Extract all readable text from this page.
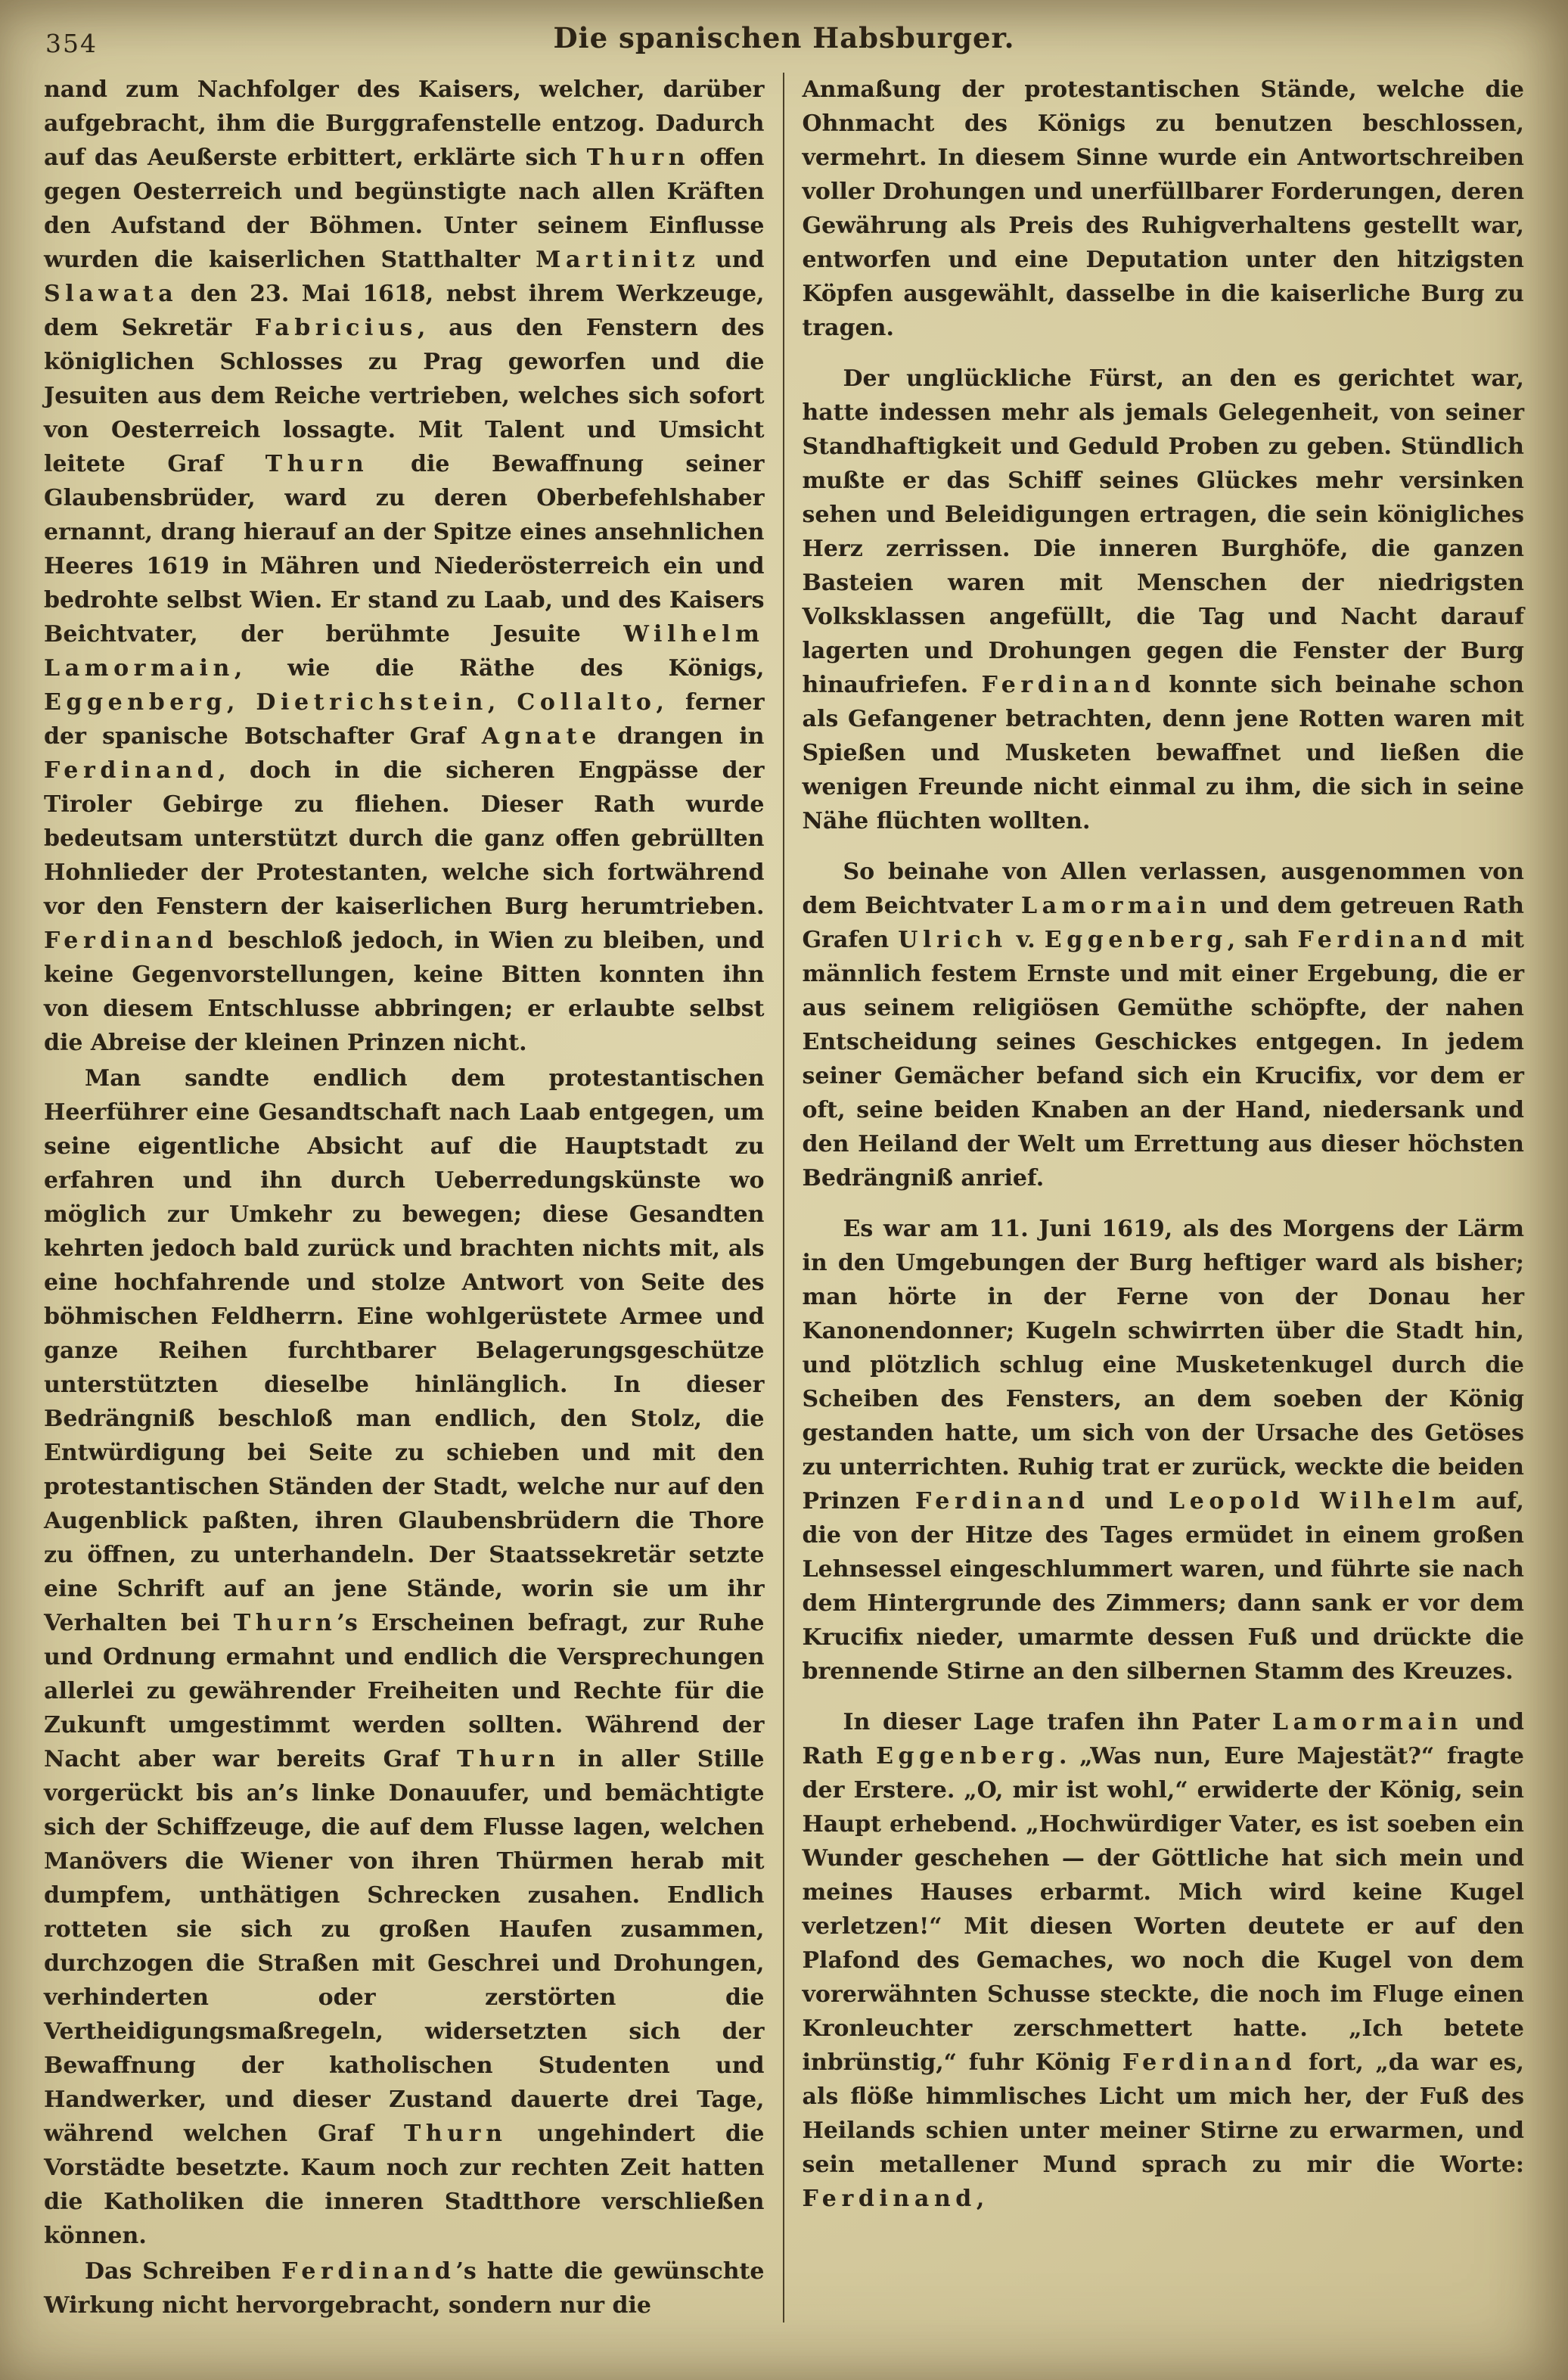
354	Die spanischen Habsburger.

nand zum Nachfolger des Kaisers, welcher, darüber aufgebracht, ihm die Burggrafenstelle entzog. Dadurch auf das Aeußerste erbittert, erklärte sich Thurn offen gegen Oesterreich und begünstigte nach allen Kräften den Aufstand der Böhmen. Unter seinem Einflusse wurden die kaiserlichen Statthalter Martinitz und Slawata den 23. Mai 1618, nebst ihrem Werkzeuge, dem Sekretär Fabricius, aus den Fenstern des königlichen Schlosses zu Prag geworfen und die Jesuiten aus dem Reiche vertrieben, welches sich sofort von Oesterreich lossagte. Mit Talent und Umsicht leitete Graf Thurn die Bewaffnung seiner Glaubensbrüder, ward zu deren Oberbefehlshaber ernannt, drang hierauf an der Spitze eines ansehnlichen Heeres 1619 in Mähren und Niederösterreich ein und bedrohte selbst Wien. Er stand zu Laab, und des Kaisers Beichtvater, der berühmte Jesuite Wilhelm Lamormain, wie die Räthe des Königs, Eggenberg, Dietrichstein, Collalto, ferner der spanische Botschafter Graf Agnate drangen in Ferdinand, doch in die sicheren Engpässe der Tiroler Gebirge zu fliehen. Dieser Rath wurde bedeutsam unterstützt durch die ganz offen gebrüllten Hohnlieder der Protestanten, welche sich fortwährend vor den Fenstern der kaiserlichen Burg herumtrieben. Ferdinand beschloß jedoch, in Wien zu bleiben, und keine Gegenvorstellungen, keine Bitten konnten ihn von diesem Entschlusse abbringen; er erlaubte selbst die Abreise der kleinen Prinzen nicht.

Man sandte endlich dem protestantischen Heerführer eine Gesandtschaft nach Laab entgegen, um seine eigentliche Absicht auf die Hauptstadt zu erfahren und ihn durch Ueberredungskünste wo möglich zur Umkehr zu bewegen; diese Gesandten kehrten jedoch bald zurück und brachten nichts mit, als eine hochfahrende und stolze Antwort von Seite des böhmischen Feldherrn. Eine wohlgerüstete Armee und ganze Reihen furchtbarer Belagerungsgeschütze unterstützten dieselbe hinlänglich. In dieser Bedrängniß beschloß man endlich, den Stolz, die Entwürdigung bei Seite zu schieben und mit den protestantischen Ständen der Stadt, welche nur auf den Augenblick paßten, ihren Glaubensbrüdern die Thore zu öffnen, zu unterhandeln. Der Staatssekretär setzte eine Schrift auf an jene Stände, worin sie um ihr Verhalten bei Thurn’s Erscheinen befragt, zur Ruhe und Ordnung ermahnt und endlich die Versprechungen allerlei zu gewährender Freiheiten und Rechte für die Zukunft umgestimmt werden sollten. Während der Nacht aber war bereits Graf Thurn in aller Stille vorgerückt bis an’s linke Donauufer, und bemächtigte sich der Schiffzeuge, die auf dem Flusse lagen, welchen Manövers die Wiener von ihren Thürmen herab mit dumpfem, unthätigen Schrecken zusahen. Endlich rotteten sie sich zu großen Haufen zusammen, durchzogen die Straßen mit Geschrei und Drohungen, verhinderten oder zerstörten die Vertheidigungsmaßregeln, widersetzten sich der Bewaffnung der katholischen Studenten und Handwerker, und dieser Zustand dauerte drei Tage, während welchen Graf Thurn ungehindert die Vorstädte besetzte. Kaum noch zur rechten Zeit hatten die Katholiken die inneren Stadtthore verschließen können.

Das Schreiben Ferdinand’s hatte die gewünschte Wirkung nicht hervorgebracht, sondern nur die

Anmaßung der protestantischen Stände, welche die Ohnmacht des Königs zu benutzen beschlossen, vermehrt. In diesem Sinne wurde ein Antwortschreiben voller Drohungen und unerfüllbarer Forderungen, deren Gewährung als Preis des Ruhigverhaltens gestellt war, entworfen und eine Deputation unter den hitzigsten Köpfen ausgewählt, dasselbe in die kaiserliche Burg zu tragen.

Der unglückliche Fürst, an den es gerichtet war, hatte indessen mehr als jemals Gelegenheit, von seiner Standhaftigkeit und Geduld Proben zu geben. Stündlich mußte er das Schiff seines Glückes mehr versinken sehen und Beleidigungen ertragen, die sein königliches Herz zerrissen. Die inneren Burghöfe, die ganzen Basteien waren mit Menschen der niedrigsten Volksklassen angefüllt, die Tag und Nacht darauf lagerten und Drohungen gegen die Fenster der Burg hinaufriefen. Ferdinand konnte sich beinahe schon als Gefangener betrachten, denn jene Rotten waren mit Spießen und Musketen bewaffnet und ließen die wenigen Freunde nicht einmal zu ihm, die sich in seine Nähe flüchten wollten.

So beinahe von Allen verlassen, ausgenommen von dem Beichtvater Lamormain und dem getreuen Rath Grafen Ulrich v. Eggenberg, sah Ferdinand mit männlich festem Ernste und mit einer Ergebung, die er aus seinem religiösen Gemüthe schöpfte, der nahen Entscheidung seines Geschickes entgegen. In jedem seiner Gemächer befand sich ein Krucifix, vor dem er oft, seine beiden Knaben an der Hand, niedersank und den Heiland der Welt um Errettung aus dieser höchsten Bedrängniß anrief.

Es war am 11. Juni 1619, als des Morgens der Lärm in den Umgebungen der Burg heftiger ward als bisher; man hörte in der Ferne von der Donau her Kanonendonner; Kugeln schwirrten über die Stadt hin, und plötzlich schlug eine Musketenkugel durch die Scheiben des Fensters, an dem soeben der König gestanden hatte, um sich von der Ursache des Getöses zu unterrichten. Ruhig trat er zurück, weckte die beiden Prinzen Ferdinand und Leopold Wilhelm auf, die von der Hitze des Tages ermüdet in einem großen Lehnsessel eingeschlummert waren, und führte sie nach dem Hintergrunde des Zimmers; dann sank er vor dem Krucifix nieder, umarmte dessen Fuß und drückte die brennende Stirne an den silbernen Stamm des Kreuzes.

In dieser Lage trafen ihn Pater Lamormain und Rath Eggenberg. „Was nun, Eure Majestät?“ fragte der Erstere. „O, mir ist wohl,“ erwiderte der König, sein Haupt erhebend. „Hochwürdiger Vater, es ist soeben ein Wunder geschehen — der Göttliche hat sich mein und meines Hauses erbarmt. Mich wird keine Kugel verletzen!“ Mit diesen Worten deutete er auf den Plafond des Gemaches, wo noch die Kugel von dem vorerwähnten Schusse steckte, die noch im Fluge einen Kronleuchter zerschmettert hatte. „Ich betete inbrünstig,“ fuhr König Ferdinand fort, „da war es, als flöße himmlisches Licht um mich her, der Fuß des Heilands schien unter meiner Stirne zu erwarmen, und sein metallener Mund sprach zu mir die Worte: Ferdinand,
